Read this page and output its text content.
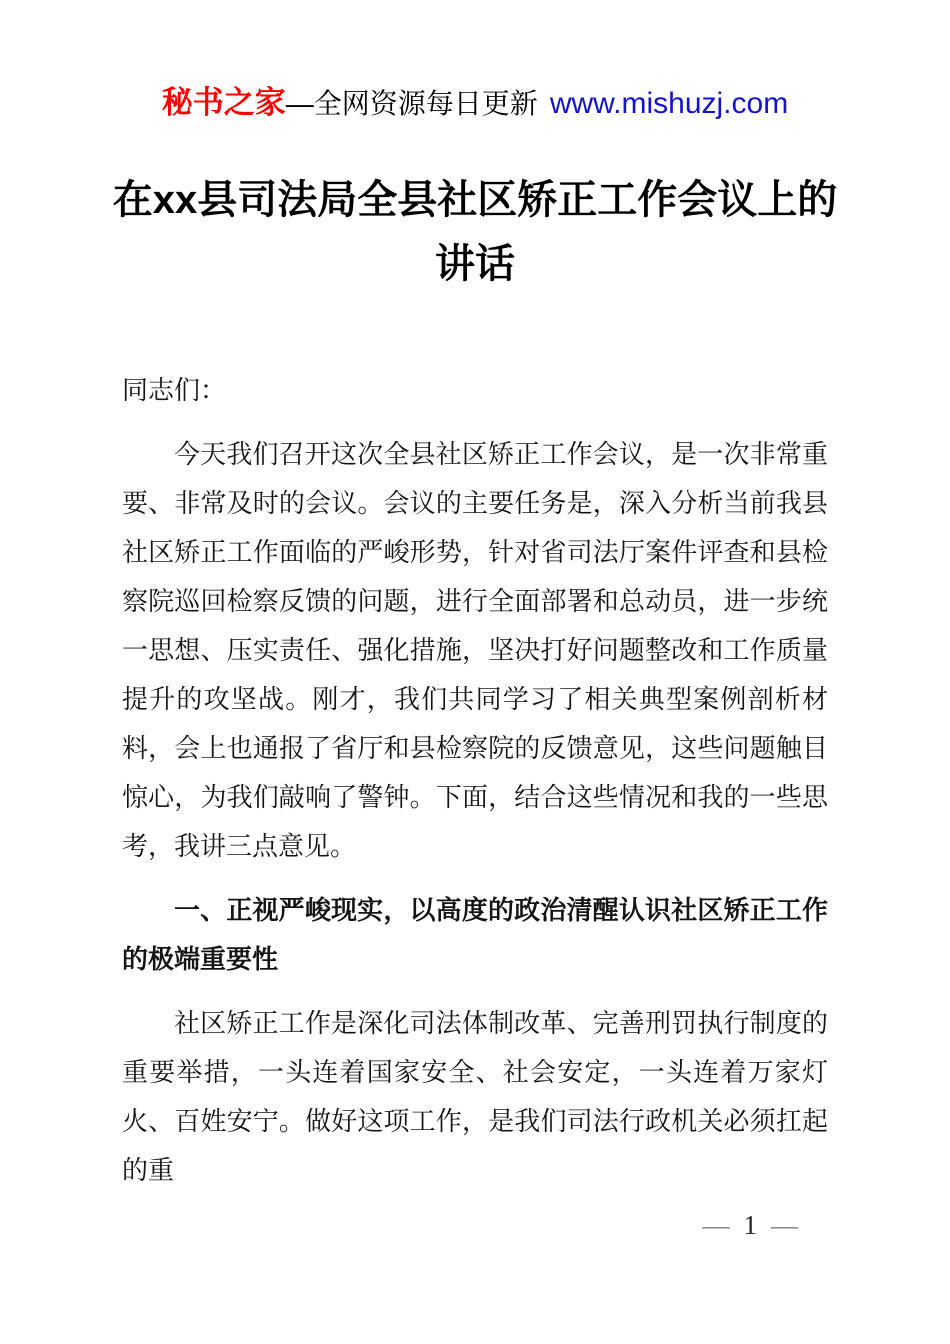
秘书之家—全网资源每日更新 www.mishuzj.com
在xx县司法局全县社区矫正工作会议上的
讲话

同志们：

今天我们召开这次全县社区矫正工作会议，是一次非常重要、非常及时的会议。会议的主要任务是，深入分析当前我县社区矫正工作面临的严峻形势，针对省司法厅案件评查和县检察院巡回检察反馈的问题，进行全面部署和总动员，进一步统一思想、压实责任、强化措施，坚决打好问题整改和工作质量提升的攻坚战。刚才，我们共同学习了相关典型案例剖析材料，会上也通报了省厅和县检察院的反馈意见，这些问题触目惊心，为我们敲响了警钟。下面，结合这些情况和我的一些思考，我讲三点意见。

一、正视严峻现实，以高度的政治清醒认识社区矫正工作的极端重要性

社区矫正工作是深化司法体制改革、完善刑罚执行制度的重要举措，一头连着国家安全、社会安定，一头连着万家灯火、百姓安宁。做好这项工作，是我们司法行政机关必须扛起的重

— 1 —
